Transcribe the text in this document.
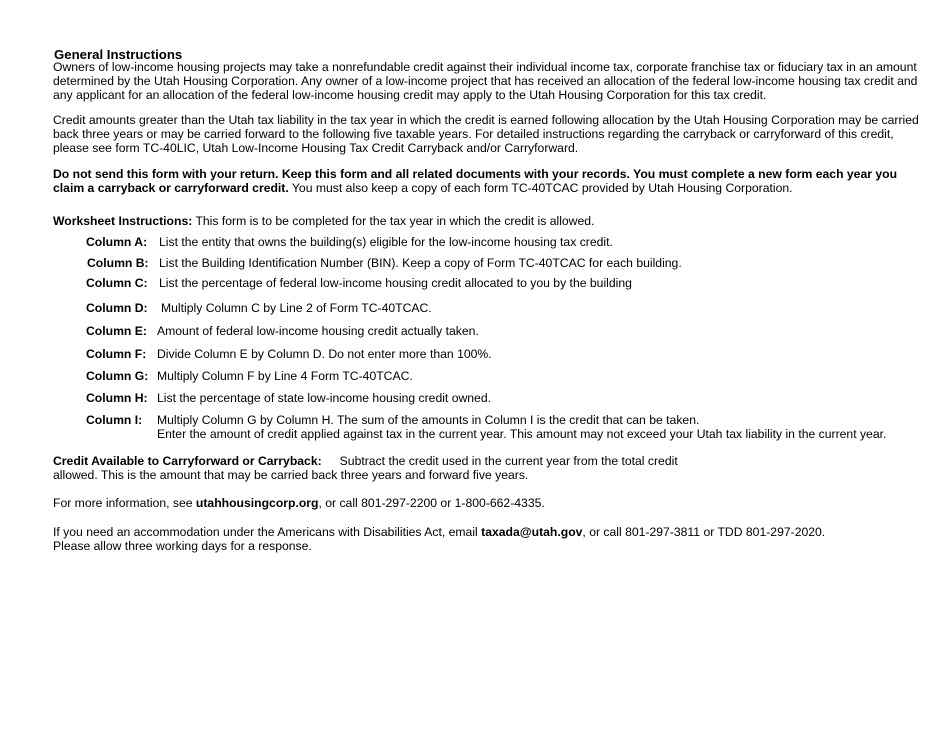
General Instructions
Owners of low-income housing projects may take a nonrefundable credit against their individual income tax, corporate franchise tax or fiduciary tax in an amount
determined by the Utah Housing Corporation. Any owner of a low-income project that has received an allocation of the federal low-income housing tax credit and
any applicant for an allocation of the federal low-income housing credit may apply to the Utah Housing Corporation for this tax credit.
Credit amounts greater than the Utah tax liability in the tax year in which the credit is earned following allocation by the Utah Housing Corporation may be carried
back three years or may be carried forward to the following five taxable years. For detailed instructions regarding the carryback or carryforward of this credit,
please see form TC-40LIC, Utah Low-Income Housing Tax Credit Carryback and/or Carryforward.
Do not send this form with your return. Keep this form and all related documents with your records. You must complete a new form each year you
claim a carryback or carryforward credit. You must also keep a copy of each form TC-40TCAC provided by Utah Housing Corporation.
Worksheet Instructions: This form is to be completed for the tax year in which the credit is allowed.
Column A: List the entity that owns the building(s) eligible for the low-income housing tax credit.
Column B: List the Building Identification Number (BIN). Keep a copy of Form TC-40TCAC for each building.
Column C: List the percentage of federal low-income housing credit allocated to you by the building
Column D: Multiply Column C by Line 2 of Form TC-40TCAC.
Column E: Amount of federal low-income housing credit actually taken.
Column F: Divide Column E by Column D. Do not enter more than 100%.
Column G: Multiply Column F by Line 4 Form TC-40TCAC.
Column H: List the percentage of state low-income housing credit owned.
Column I: Multiply Column G by Column H. The sum of the amounts in Column I is the credit that can be taken.
Enter the amount of credit applied against tax in the current year. This amount may not exceed your Utah tax liability in the current year.
Credit Available to Carryforward or Carryback: Subtract the credit used in the current year from the total credit
allowed. This is the amount that may be carried back three years and forward five years.
For more information, see utahhousingcorp.org, or call 801-297-2200 or 1-800-662-4335.
If you need an accommodation under the Americans with Disabilities Act, email taxada@utah.gov, or call 801-297-3811 or TDD 801-297-2020.
Please allow three working days for a response.
